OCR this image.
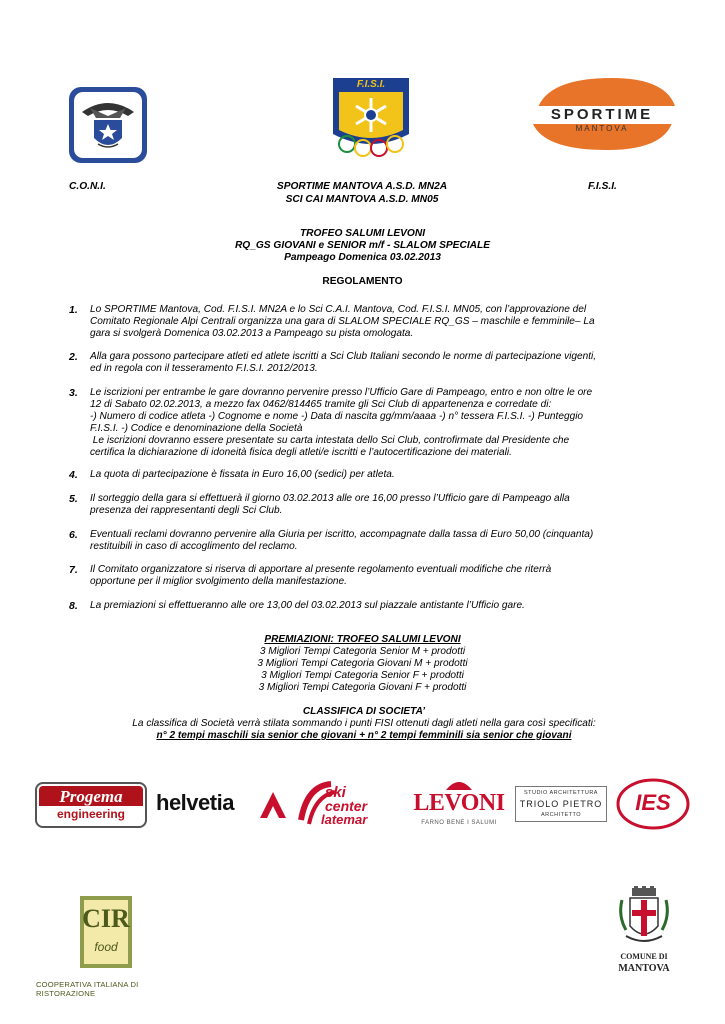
F.I.S.I.
SPORTIME
MANTOVA
C.O.N.I.	SPORTIME MANTOVA A.S.D. MN2A
SCI CAI MANTOVA A.S.D. MN05
F.I.S.I.
TROFEO SALUMI LEVONI
RQ_GS GIOVANI e SENIOR m/f - SLALOM SPECIALE
Pampeago Domenica 03.02.2013
REGOLAMENTO
1. Lo SPORTIME Mantova, Cod. F.I.S.I. MN2A e lo Sci C.A.I. Mantova, Cod. F.I.S.I. MN05, con l’approvazione del
Comitato Regionale Alpi Centrali organizza una gara di SLALOM SPECIALE RQ_GS – maschile e femminile– La
gara si svolgerà Domenica 03.02.2013 a Pampeago su pista omologata.
2. Alla gara possono partecipare atleti ed atlete iscritti a Sci Club Italiani secondo le norme di partecipazione vigenti,
ed in regola con il tesseramento F.I.S.I. 2012/2013.
3. Le iscrizioni per entrambe le gare dovranno pervenire presso l’Ufficio Gare di Pampeago, entro e non oltre le ore
12 di Sabato 02.02.2013, a mezzo fax 0462/814465 tramite gli Sci Club di appartenenza e corredate di:
-) Numero di codice atleta -) Cognome e nome -) Data di nascita gg/mm/aaaa -) n° tessera F.I.S.I. -) Punteggio
F.I.S.I. -) Codice e denominazione della Società
Le iscrizioni dovranno essere presentate su carta intestata dello Sci Club, controfirmate dal Presidente che
certifica la dichiarazione di idoneità fisica degli atleti/e iscritti e l’autocertificazione dei materiali.
4. La quota di partecipazione è fissata in Euro 16,00 (sedici) per atleta.
5. Il sorteggio della gara si effettuerà il giorno 03.02.2013 alle ore 16,00 presso l’Ufficio gare di Pampeago alla
presenza dei rappresentanti degli Sci Club.
6. Eventuali reclami dovranno pervenire alla Giuria per iscritto, accompagnate dalla tassa di Euro 50,00 (cinquanta)
restituibili in caso di accoglimento del reclamo.
7. Il Comitato organizzatore si riserva di apportare al presente regolamento eventuali modifiche che riterrà
opportune per il miglior svolgimento della manifestazione.
8. La premiazioni si effettueranno alle ore 13,00 del 03.02.2013 sul piazzale antistante l’Ufficio gare.
PREMIAZIONI: TROFEO SALUMI LEVONI
3 Migliori Tempi Categoria Senior M + prodotti
3 Migliori Tempi Categoria Giovani M + prodotti
3 Migliori Tempi Categoria Senior F + prodotti
3 Migliori Tempi Categoria Giovani F + prodotti
CLASSIFICA DI SOCIETA’
La classifica di Società verrà stilata sommando i punti FISI ottenuti dagli atleti nella gara così specificati:
n° 2 tempi maschili sia senior che giovani + n° 2 tempi femminili sia senior che giovani
Progema
engineering	helvetia	ski
center
latemar
LEVONI
FARNO BENE I SALUMI
STUDIO ARCHITETTURA
TRIOLO PIETRO
ARCHITETTO	IES
CIR
food
COOPERATIVA ITALIANA DI RISTORAZIONE
COMUNE DI
MANTOVA
